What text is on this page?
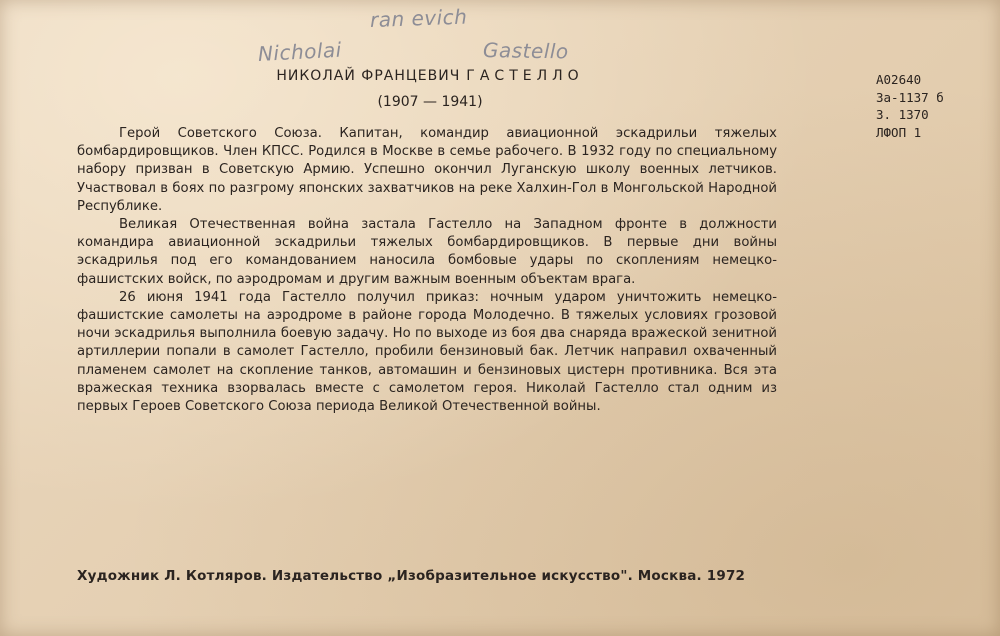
ran evich
Nicholai	Gastello
НИКОЛАЙ ФРАНЦЕВИЧ ГАСТЕЛЛО
(1907 — 1941)
A02640
3а-1137 б
3. 1370
ЛФОП 1

Герой Советского Союза. Капитан, командир авиационной эскадрильи тяжелых бомбардировщиков. Член КПСС. Родился в Москве в семье рабочего. В 1932 году по специальному набору призван в Советскую Армию. Успешно окончил Луганскую школу военных летчиков. Участвовал в боях по разгрому японских захватчиков на реке Халхин-Гол в Монгольской Народной Республике.

Великая Отечественная война застала Гастелло на Западном фронте в должности командира авиационной эскадрильи тяжелых бомбардировщиков. В первые дни войны эскадрилья под его командованием наносила бомбовые удары по скоплениям немецко-фашистских войск, по аэродромам и другим важным военным объектам врага.

26 июня 1941 года Гастелло получил приказ: ночным ударом уничтожить немецко-фашистские самолеты на аэродроме в районе города Молодечно. В тяжелых условиях грозовой ночи эскадрилья выполнила боевую задачу. Но по выходе из боя два снаряда вражеской зенитной артиллерии попали в самолет Гастелло, пробили бензиновый бак. Летчик направил охваченный пламенем самолет на скопление танков, автомашин и бензиновых цистерн противника. Вся эта вражеская техника взорвалась вместе с самолетом героя. Николай Гастелло стал одним из первых Героев Советского Союза периода Великой Отечественной войны.

Художник Л. Котляров. Издательство „Изобразительное искусство". Москва. 1972
